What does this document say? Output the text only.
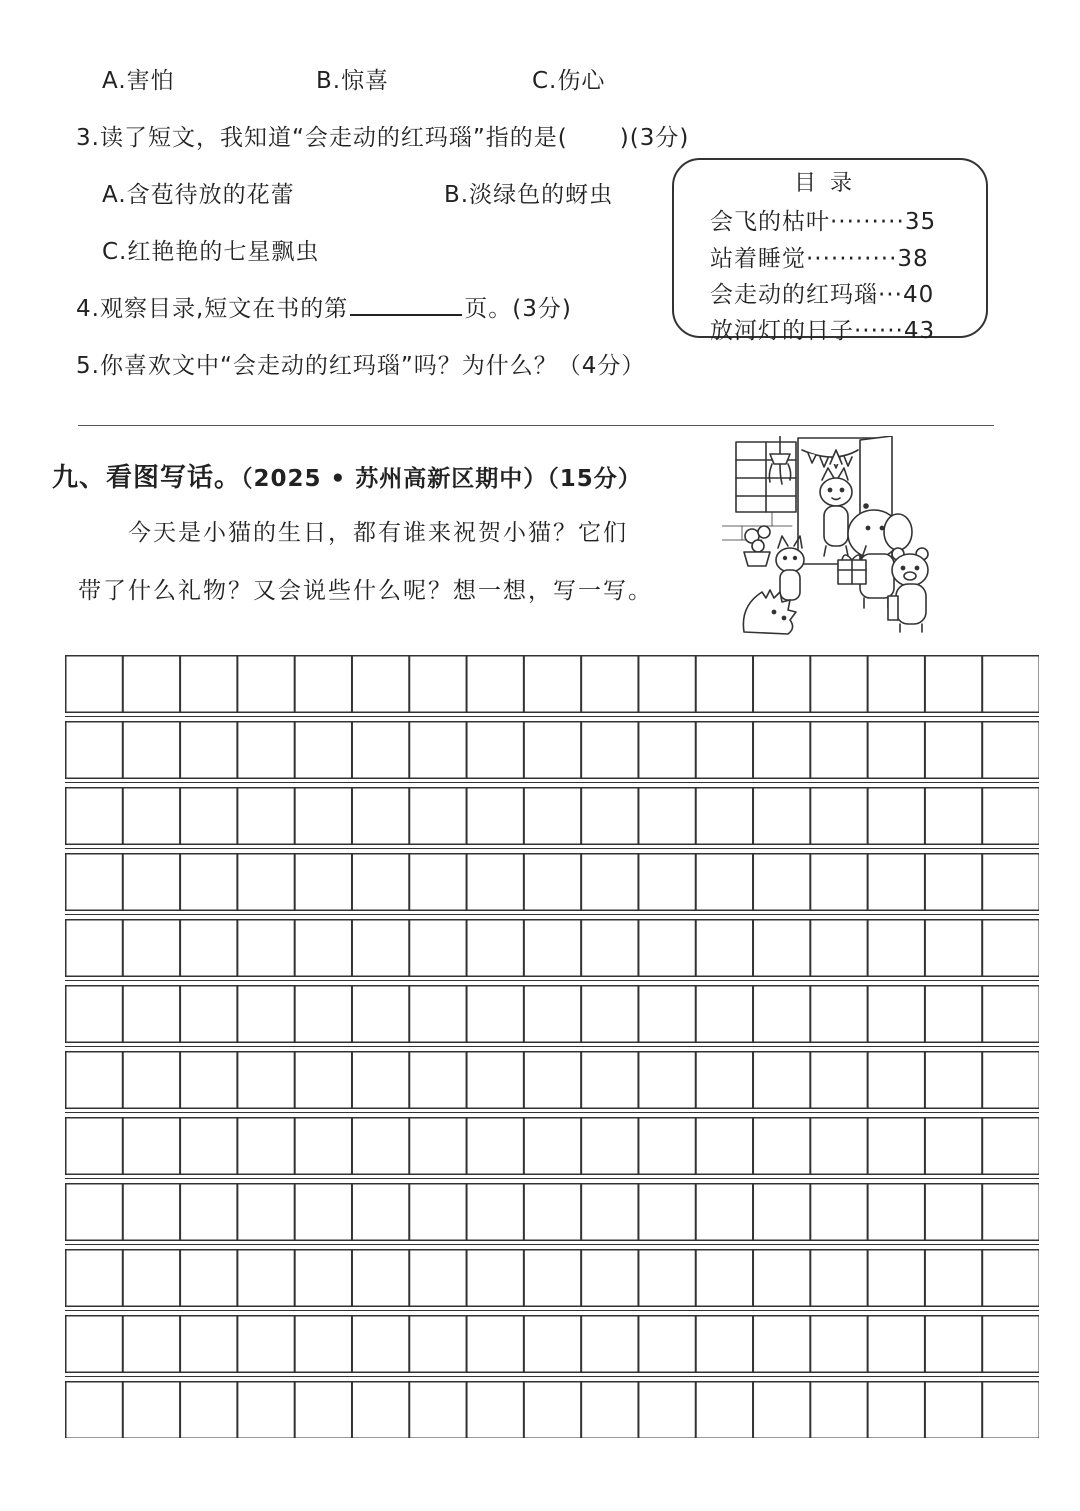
A.害怕	B.惊喜	C.伤心
3.读了短文，我知道“会走动的红玛瑙”指的是( )(3分)
A.含苞待放的花蕾	B.淡绿色的蚜虫
C.红艳艳的七星飘虫
目录
会飞的枯叶·········35
站着睡觉···········38
会走动的红玛瑙···40
放河灯的日子······43
4.观察目录,短文在书的第	页。(3分)
5.你喜欢文中“会走动的红玛瑙”吗？为什么？（4分）
九、看图写话。（2025 • 苏州高新区期中）（15分）
今天是小猫的生日，都有谁来祝贺小猫？它们
带了什么礼物？又会说些什么呢？想一想，写一写。
